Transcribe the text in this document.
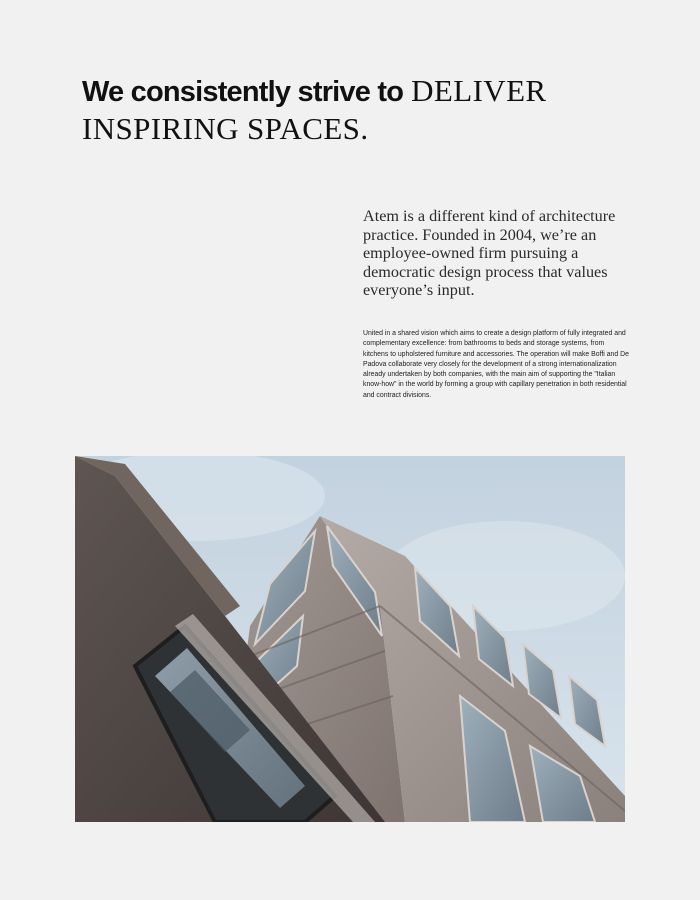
We consistently strive to DELIVER INSPIRING SPACES.

Atem is a different kind of architecture practice. Founded in 2004, we’re an employee-owned firm pursuing a democratic design process that values everyone’s input.

United in a shared vision which aims to create a design platform of fully integrated and complementary excellence: from bathrooms to beds and storage systems, from kitchens to upholstered furniture and accessories. The operation will make Boffi and De Padova collaborate very closely for the development of a strong internationalization already undertaken by both companies, with the main aim of supporting the "Italian know-how" in the world by forming a group with capillary penetration in both residential and contract divisions.
